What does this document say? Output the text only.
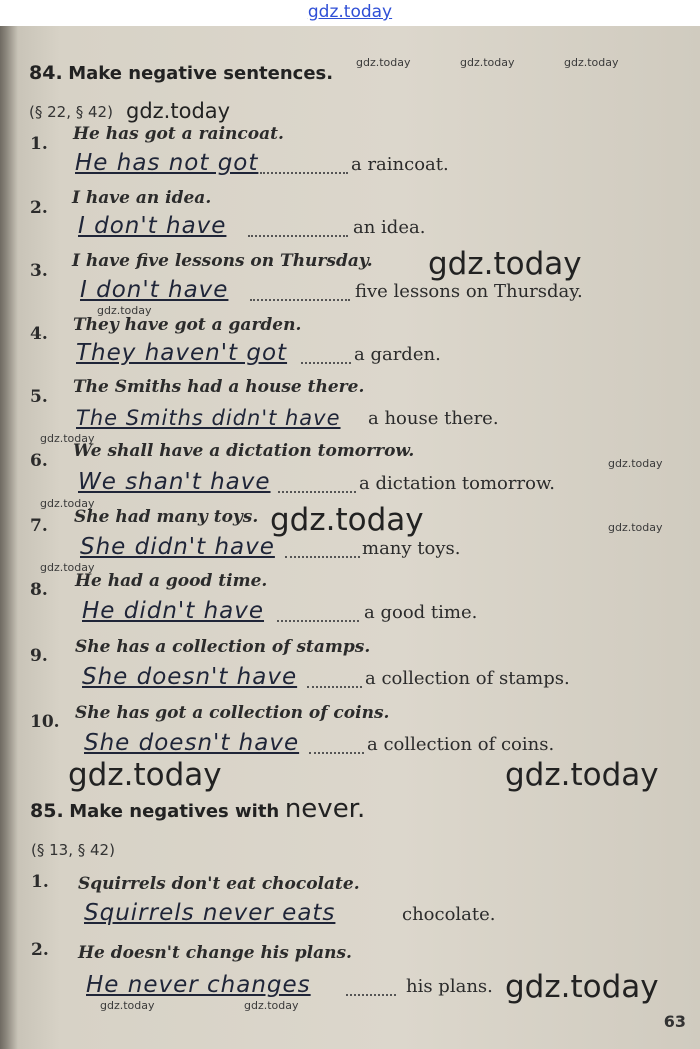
gdz.today
84. Make negative sentences.
(§ 22, § 42)
1. He has got a raincoat.
He has not got	a raincoat.
2. I have an idea.
I don't have	an idea.
3. I have five lessons on Thursday.
I don't have	five lessons on Thursday.
4. They have got a garden.
They haven't got	a garden.
5. The Smiths had a house there.
The Smiths didn't have a house there.
6. We shall have a dictation tomorrow.
We shan't have	a dictation tomorrow.
7. She had many toys.
She didn't have	many toys.
8. He had a good time.
He didn't have	a good time.
9. She has a collection of stamps.
She doesn't have	a collection of stamps.
10. She has got a collection of coins.
She doesn't have	a collection of coins.
85. Make negatives with never.
(§ 13, § 42)
1. Squirrels don't eat chocolate.
Squirrels never eats	chocolate.
2. He doesn't change his plans.
He never changes	his plans.
63
gdz.today	gdz.today	gdz.today
gdz.today
gdz.today
gdz.today
gdz.today
gdz.today
gdz.today	gdz.today	gdz.today
gdz.today
gdz.today	gdz.today
gdz.today
gdz.today	gdz.today
